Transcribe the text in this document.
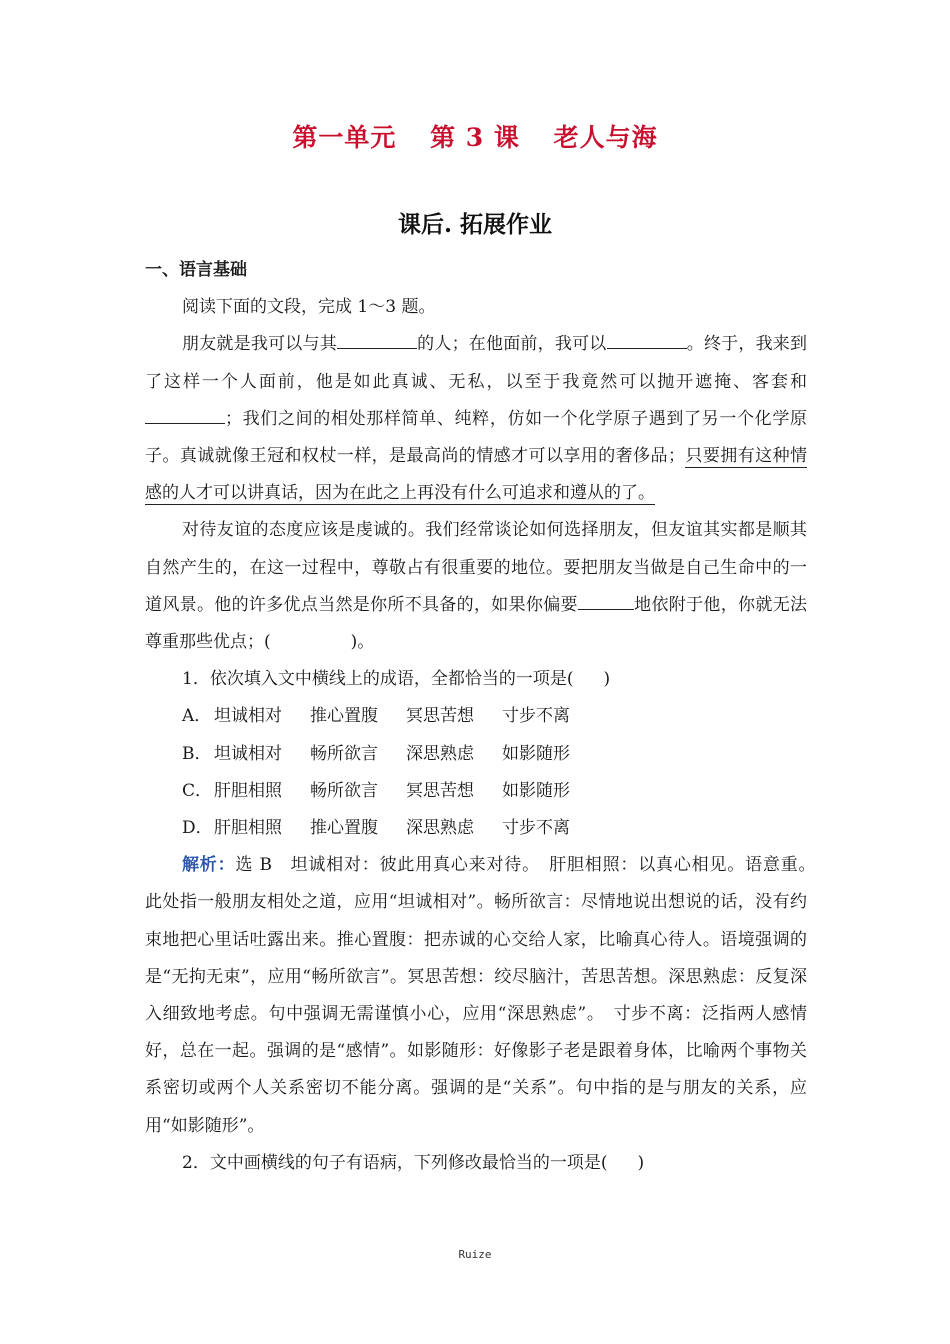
第一单元 第 3 课 老人与海
课后. 拓展作业

一、语言基础

阅读下面的文段，完成 1～3 题。

朋友就是我可以与其	的人；在他面前，我可以	。终于，我来到了这样一个人面前，他是如此真诚、无私，以至于我竟然可以抛开遮掩、客套和；我们之间的相处那样简单、纯粹，仿如一个化学原子遇到了另一个化学原子。真诚就像王冠和权杖一样，是最高尚的情感才可以享用的奢侈品；只要拥有这种情感的人才可以讲真话，因为在此之上再没有什么可追求和遵从的了。

对待友谊的态度应该是虔诚的。我们经常谈论如何选择朋友，但友谊其实都是顺其自然产生的，在这一过程中，尊敬占有很重要的地位。要把朋友当做是自己生命中的一道风景。他的许多优点当然是你所不具备的，如果你偏要	地依附于他，你就无法尊重那些优点；(	)。

1．依次填入文中横线上的成语，全都恰当的一项是( )

A． 坦诚相对 推心置腹 冥思苦想 寸步不离

B． 坦诚相对 畅所欲言 深思熟虑 如影随形

C． 肝胆相照 畅所欲言 冥思苦想 如影随形

D．肝胆相照 推心置腹 深思熟虑 寸步不离

解析：选 B　坦诚相对：彼此用真心来对待。　肝胆相照：以真心相见。语意重。　此处指一般朋友相处之道，应用“坦诚相对”。畅所欲言：尽情地说出想说的话，没有约束地把心里话吐露出来。推心置腹：把赤诚的心交给人家，比喻真心待人。语境强调的是“无拘无束”，应用“畅所欲言”。冥思苦想：绞尽脑汁，苦思苦想。深思熟虑：反复深入细致地考虑。句中强调无需谨慎小心，应用“深思熟虑”。　寸步不离：泛指两人感情好，总在一起。强调的是“感情”。如影随形：好像影子老是跟着身体，比喻两个事物关系密切或两个人关系密切不能分离。强调的是“关系”。句中指的是与朋友的关系，应用“如影随形”。

2．文中画横线的句子有语病，下列修改最恰当的一项是( )

Ruize
